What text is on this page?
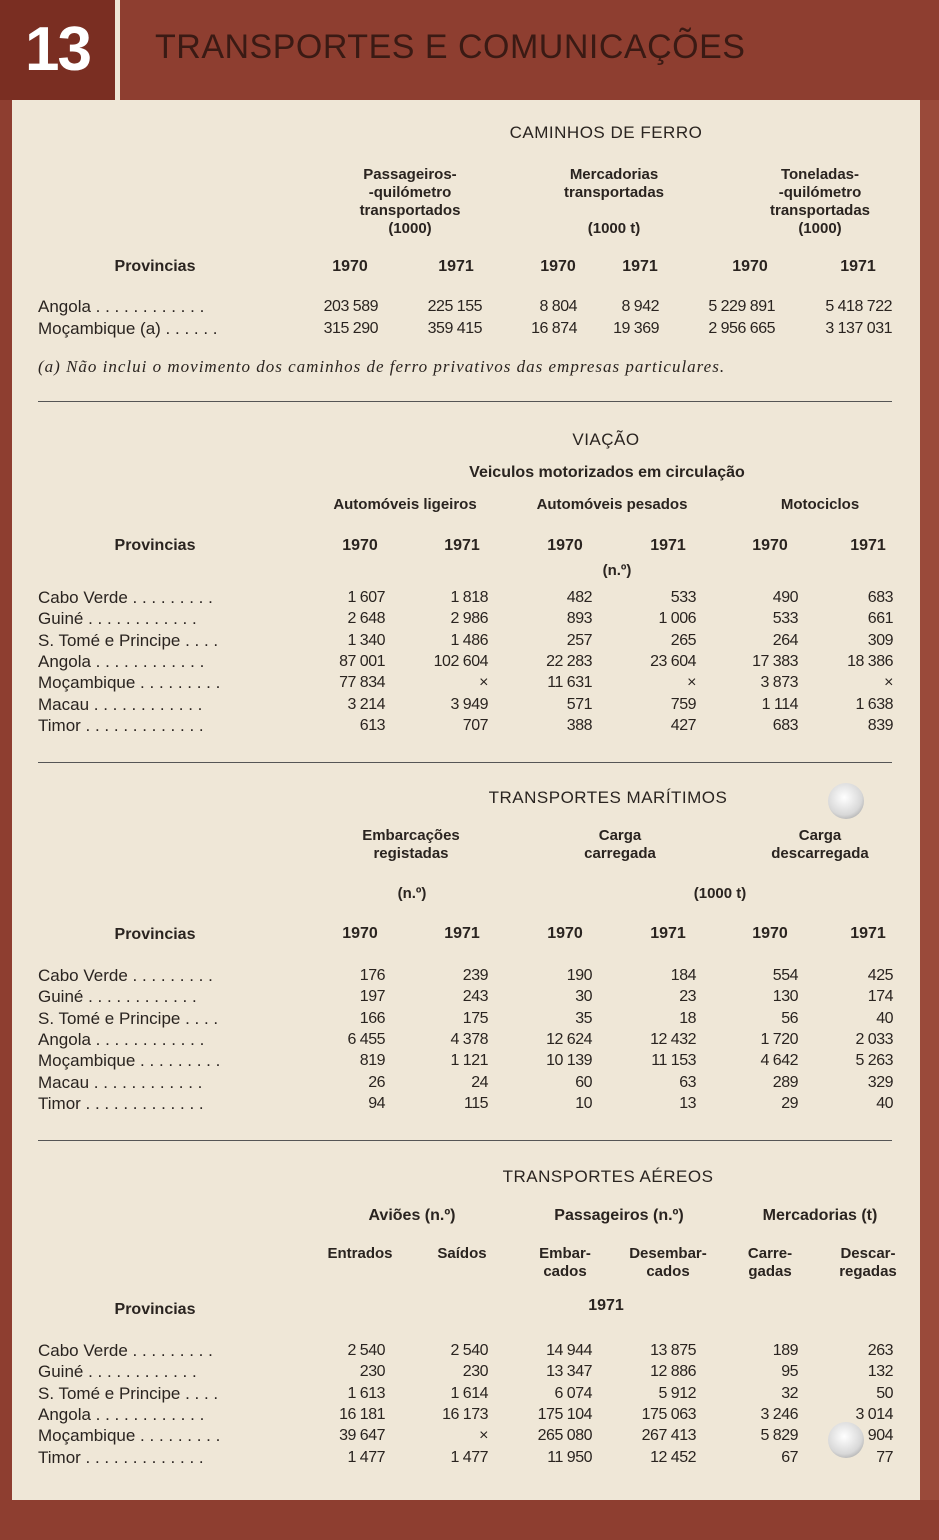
13	TRANSPORTES E COMUNICAÇÕES
CAMINHOS DE FERRO
Passageiros-
-quilómetro
transportados
(1000)
Mercadorias
transportadas

(1000 t)
Toneladas-
-quilómetro
transportadas
(1000)
Provincias	1970	1971	1970	1971	1970	1971
Angola . . . . . . . . . . . .	203 589	225 155	8 804	8 942	5 229 891	5 418 722
Moçambique (a) . . . . . .	315 290	359 415	16 874	19 369	2 956 665	3 137 031
(a) Não inclui o movimento dos caminhos de ferro privativos das empresas particulares.
VIAÇÃO
Veiculos motorizados em circulação
Automóveis ligeiros	Automóveis pesados	Motociclos
Provincias	1970	1971	1970	1971	1970	1971
(n.º)
Cabo Verde . . . . . . . . .	1 607	1 818	482	533	490	683
Guiné . . . . . . . . . . . .	2 648	2 986	893	1 006	533	661
S. Tomé e Principe . . . .	1 340	1 486	257	265	264	309
Angola . . . . . . . . . . . .	87 001	102 604	22 283	23 604	17 383	18 386
Moçambique . . . . . . . . .	77 834	×	11 631	×	3 873	×
Macau . . . . . . . . . . . .	3 214	3 949	571	759	1 114	1 638
Timor . . . . . . . . . . . . .	613	707	388	427	683	839
TRANSPORTES MARÍTIMOS
Embarcações
registadas
Carga
carregada
Carga
descarregada
(n.º)	(1000 t)
Provincias	1970	1971	1970	1971	1970	1971
Cabo Verde . . . . . . . . .	176	239	190	184	554	425
Guiné . . . . . . . . . . . .	197	243	30	23	130	174
S. Tomé e Principe . . . .	166	175	35	18	56	40
Angola . . . . . . . . . . . .	6 455	4 378	12 624	12 432	1 720	2 033
Moçambique . . . . . . . . .	819	1 121	10 139	11 153	4 642	5 263
Macau . . . . . . . . . . . .	26	24	60	63	289	329
Timor . . . . . . . . . . . . .	94	115	10	13	29	40
TRANSPORTES AÉREOS
Aviões (n.º)	Passageiros (n.º)	Mercadorias (t)
Entrados	Saídos	Embar-
cados
Desembar-
cados
Carre-
gadas
Descar-
regadas
1971
Provincias
Cabo Verde . . . . . . . . .	2 540	2 540	14 944	13 875	189	263
Guiné . . . . . . . . . . . .	230	230	13 347	12 886	95	132
S. Tomé e Principe . . . .	1 613	1 614	6 074	5 912	32	50
Angola . . . . . . . . . . . .	16 181	16 173	175 104	175 063	3 246	3 014
Moçambique . . . . . . . . .	39 647	×	265 080	267 413	5 829	904
Timor . . . . . . . . . . . . .	1 477	1 477	11 950	12 452	67	77
